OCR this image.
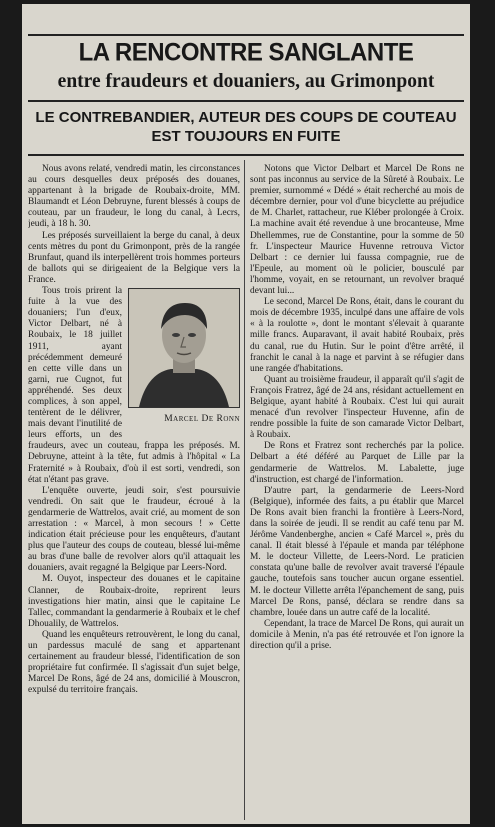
LA RENCONTRE SANGLANTE
entre fraudeurs et douaniers, au Grimonpont
LE CONTREBANDIER, AUTEUR DES COUPS DE COUTEAU EST TOUJOURS EN FUITE

Nous avons relaté, vendredi matin, les circonstances au cours desquelles deux préposés des douanes, appartenant à la brigade de Roubaix-droite, MM. Blaumandt et Léon Debruyne, furent blessés à coups de couteau, par un fraudeur, le long du canal, à Lecrs, jeudi, à 18 h. 30.

Les préposés surveillaient la berge du canal, à deux cents mètres du pont du Grimonpont, près de la rangée Brunfaut, quand ils interpellèrent trois hommes porteurs de ballots qui se dirigeaient de la Belgique vers la France.

Marcel De Ronn

Tous trois prirent la fuite à la vue des douaniers; l'un d'eux, Victor Delbart, né à Roubaix, le 18 juillet 1911, ayant précédemment demeuré en cette ville dans un garni, rue Cugnot, fut appréhendé. Ses deux complices, à son appel, tentèrent de le délivrer, mais devant l'inutilité de leurs efforts, un des fraudeurs, avec un couteau, frappa les préposés. M. Debruyne, atteint à la tête, fut admis à l'hôpital « La Fraternité » à Roubaix, d'où il est sorti, vendredi, son état n'étant pas grave.

L'enquête ouverte, jeudi soir, s'est poursuivie vendredi. On sait que le fraudeur, écroué à la gendarmerie de Wattrelos, avait crié, au moment de son arrestation : « Marcel, à mon secours ! » Cette indication était précieuse pour les enquêteurs, d'autant plus que l'auteur des coups de couteau, blessé lui-même au bras d'une balle de revolver alors qu'il attaquait les douaniers, avait regagné la Belgique par Leers-Nord.

M. Ouyot, inspecteur des douanes et le capitaine Clanner, de Roubaix-droite, reprirent leurs investigations hier matin, ainsi que le capitaine Le Tallec, commandant la gendarmerie à Roubaix et le chef Dhoualily, de Wattrelos.

Quand les enquêteurs retrouvèrent, le long du canal, un pardessus maculé de sang et appartenant certainement au fraudeur blessé, l'identification de son propriétaire fut confirmée. Il s'agissait d'un sujet belge, Marcel De Rons, âgé de 24 ans, domicilié à Mouscron, expulsé du territoire français.

Notons que Victor Delbart et Marcel De Rons ne sont pas inconnus au service de la Sûreté à Roubaix. Le premier, surnommé « Dédé » était recherché au mois de décembre dernier, pour vol d'une bicyclette au préjudice de M. Charlet, rattacheur, rue Kléber prolongée à Croix. La machine avait été revendue à une brocanteuse, Mme Dhellemmes, rue de Constantine, pour la somme de 50 fr. L'inspecteur Maurice Huvenne retrouva Victor Delbart : ce dernier lui faussa compagnie, rue de l'Epeule, au moment où le policier, bousculé par l'homme, voyait, en se retournant, un revolver braqué devant lui...

Le second, Marcel De Rons, était, dans le courant du mois de décembre 1935, inculpé dans une affaire de vols « à la roulotte », dont le montant s'élevait à quarante mille francs. Auparavant, il avait habité Roubaix, près du canal, rue du Hutin. Sur le point d'être arrêté, il franchit le canal à la nage et parvint à se réfugier dans une rangée d'habitations.

Quant au troisième fraudeur, il apparaît qu'il s'agit de François Fratrez, âgé de 24 ans, résidant actuellement en Belgique, ayant habité à Roubaix. C'est lui qui aurait menacé d'un revolver l'inspecteur Huvenne, afin de rendre possible la fuite de son camarade Victor Delbart, à Roubaix.

De Rons et Fratrez sont recherchés par la police. Delbart a été déféré au Parquet de Lille par la gendarmerie de Wattrelos. M. Labalette, juge d'instruction, est chargé de l'information.

D'autre part, la gendarmerie de Leers-Nord (Belgique), informée des faits, a pu établir que Marcel De Rons avait bien franchi la frontière à Leers-Nord, dans la soirée de jeudi. Il se rendit au café tenu par M. Jérôme Vandenberghe, ancien « Café Marcel », près du canal. Il était blessé à l'épaule et manda par téléphone M. le docteur Villette, de Leers-Nord. Le praticien constata qu'une balle de revolver avait traversé l'épaule gauche, toutefois sans toucher aucun organe essentiel. M. le docteur Villette arrêta l'épanchement de sang, puis Marcel De Rons, pansé, déclara se rendre dans sa chambre, louée dans un autre café de la localité.

Cependant, la trace de Marcel De Rons, qui aurait un domicile à Menin, n'a pas été retrouvée et l'on ignore la direction qu'il a prise.
